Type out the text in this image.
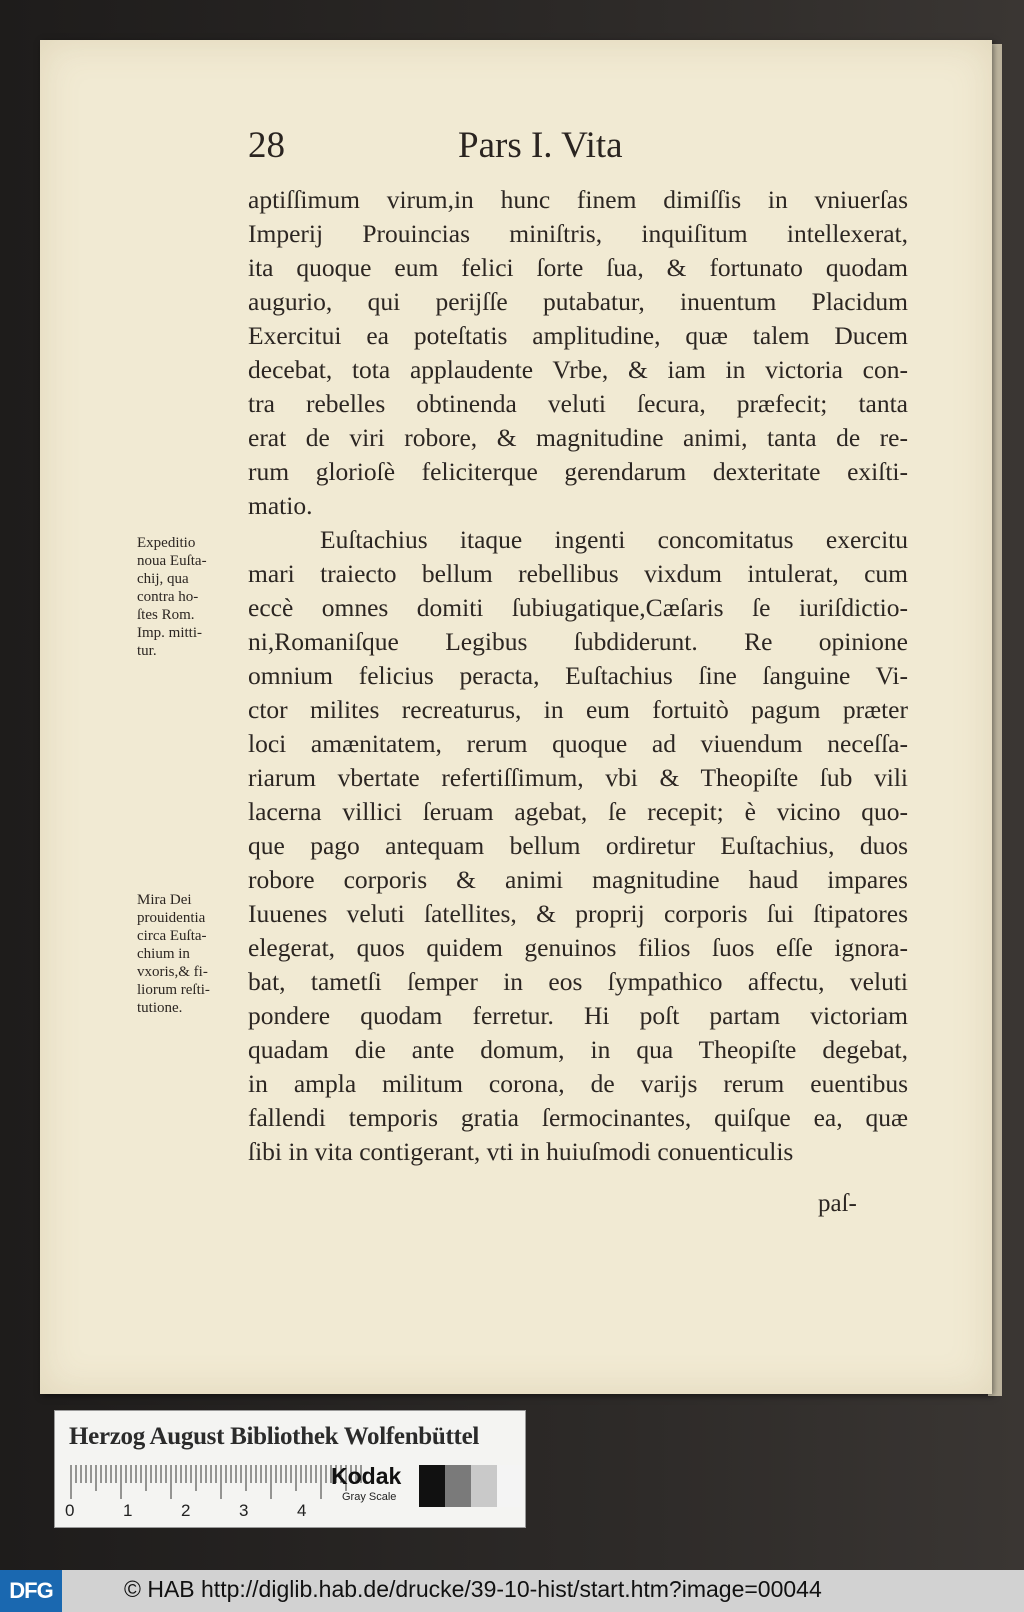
28	Pars I. Vita
aptiſſimum virum,in hunc finem dimiſſis in vniuerſas
Imperij Prouincias miniſtris, inquiſitum intellexerat,
ita quoque eum felici ſorte ſua, & fortunato quodam
augurio, qui perijſſe putabatur, inuentum Placidum
Exercitui ea poteſtatis amplitudine, quæ talem Ducem
decebat, tota applaudente Vrbe, & iam in victoria con-
tra rebelles obtinenda veluti ſecura, præfecit; tanta
erat de viri robore, & magnitudine animi, tanta de re-
rum glorioſè feliciterque gerendarum dexteritate exiſti-
matio.
Euſtachius itaque ingenti concomitatus exercitu
mari traiecto bellum rebellibus vixdum intulerat, cum
eccè omnes domiti ſubiugatique,Cæſaris ſe iuriſdictio-
ni,Romaniſque Legibus ſubdiderunt. Re opinione
omnium felicius peracta, Euſtachius ſine ſanguine Vi-
ctor milites recreaturus, in eum fortuitò pagum præter
loci amænitatem, rerum quoque ad viuendum neceſſa-
riarum vbertate refertiſſimum, vbi & Theopiſte ſub vili
lacerna villici ſeruam agebat, ſe recepit; è vicino quo-
que pago antequam bellum ordiretur Euſtachius, duos
robore corporis & animi magnitudine haud impares
Iuuenes veluti ſatellites, & proprij corporis ſui ſtipatores
elegerat, quos quidem genuinos filios ſuos eſſe ignora-
bat, tametſi ſemper in eos ſympathico affectu, veluti
pondere quodam ferretur. Hi poſt partam victoriam
quadam die ante domum, in qua Theopiſte degebat,
in ampla militum corona, de varijs rerum euentibus
fallendi temporis gratia ſermocinantes, quiſque ea, quæ
ſibi in vita contigerant, vti in huiuſmodi conuenticulis
Expeditio
noua Euſta-
chij, qua
contra ho-
ſtes Rom.
Imp. mitti-
tur.
Mira Dei
prouidentia
circa Euſta-
chium in
vxoris,& fi-
liorum reſti-
tutione.
paſ-
Herzog August Bibliothek Wolfenbüttel
0	1	2	3	4
Kodak
Gray Scale
DFG	© HAB http://diglib.hab.de/drucke/39-10-hist/start.htm?image=00044
